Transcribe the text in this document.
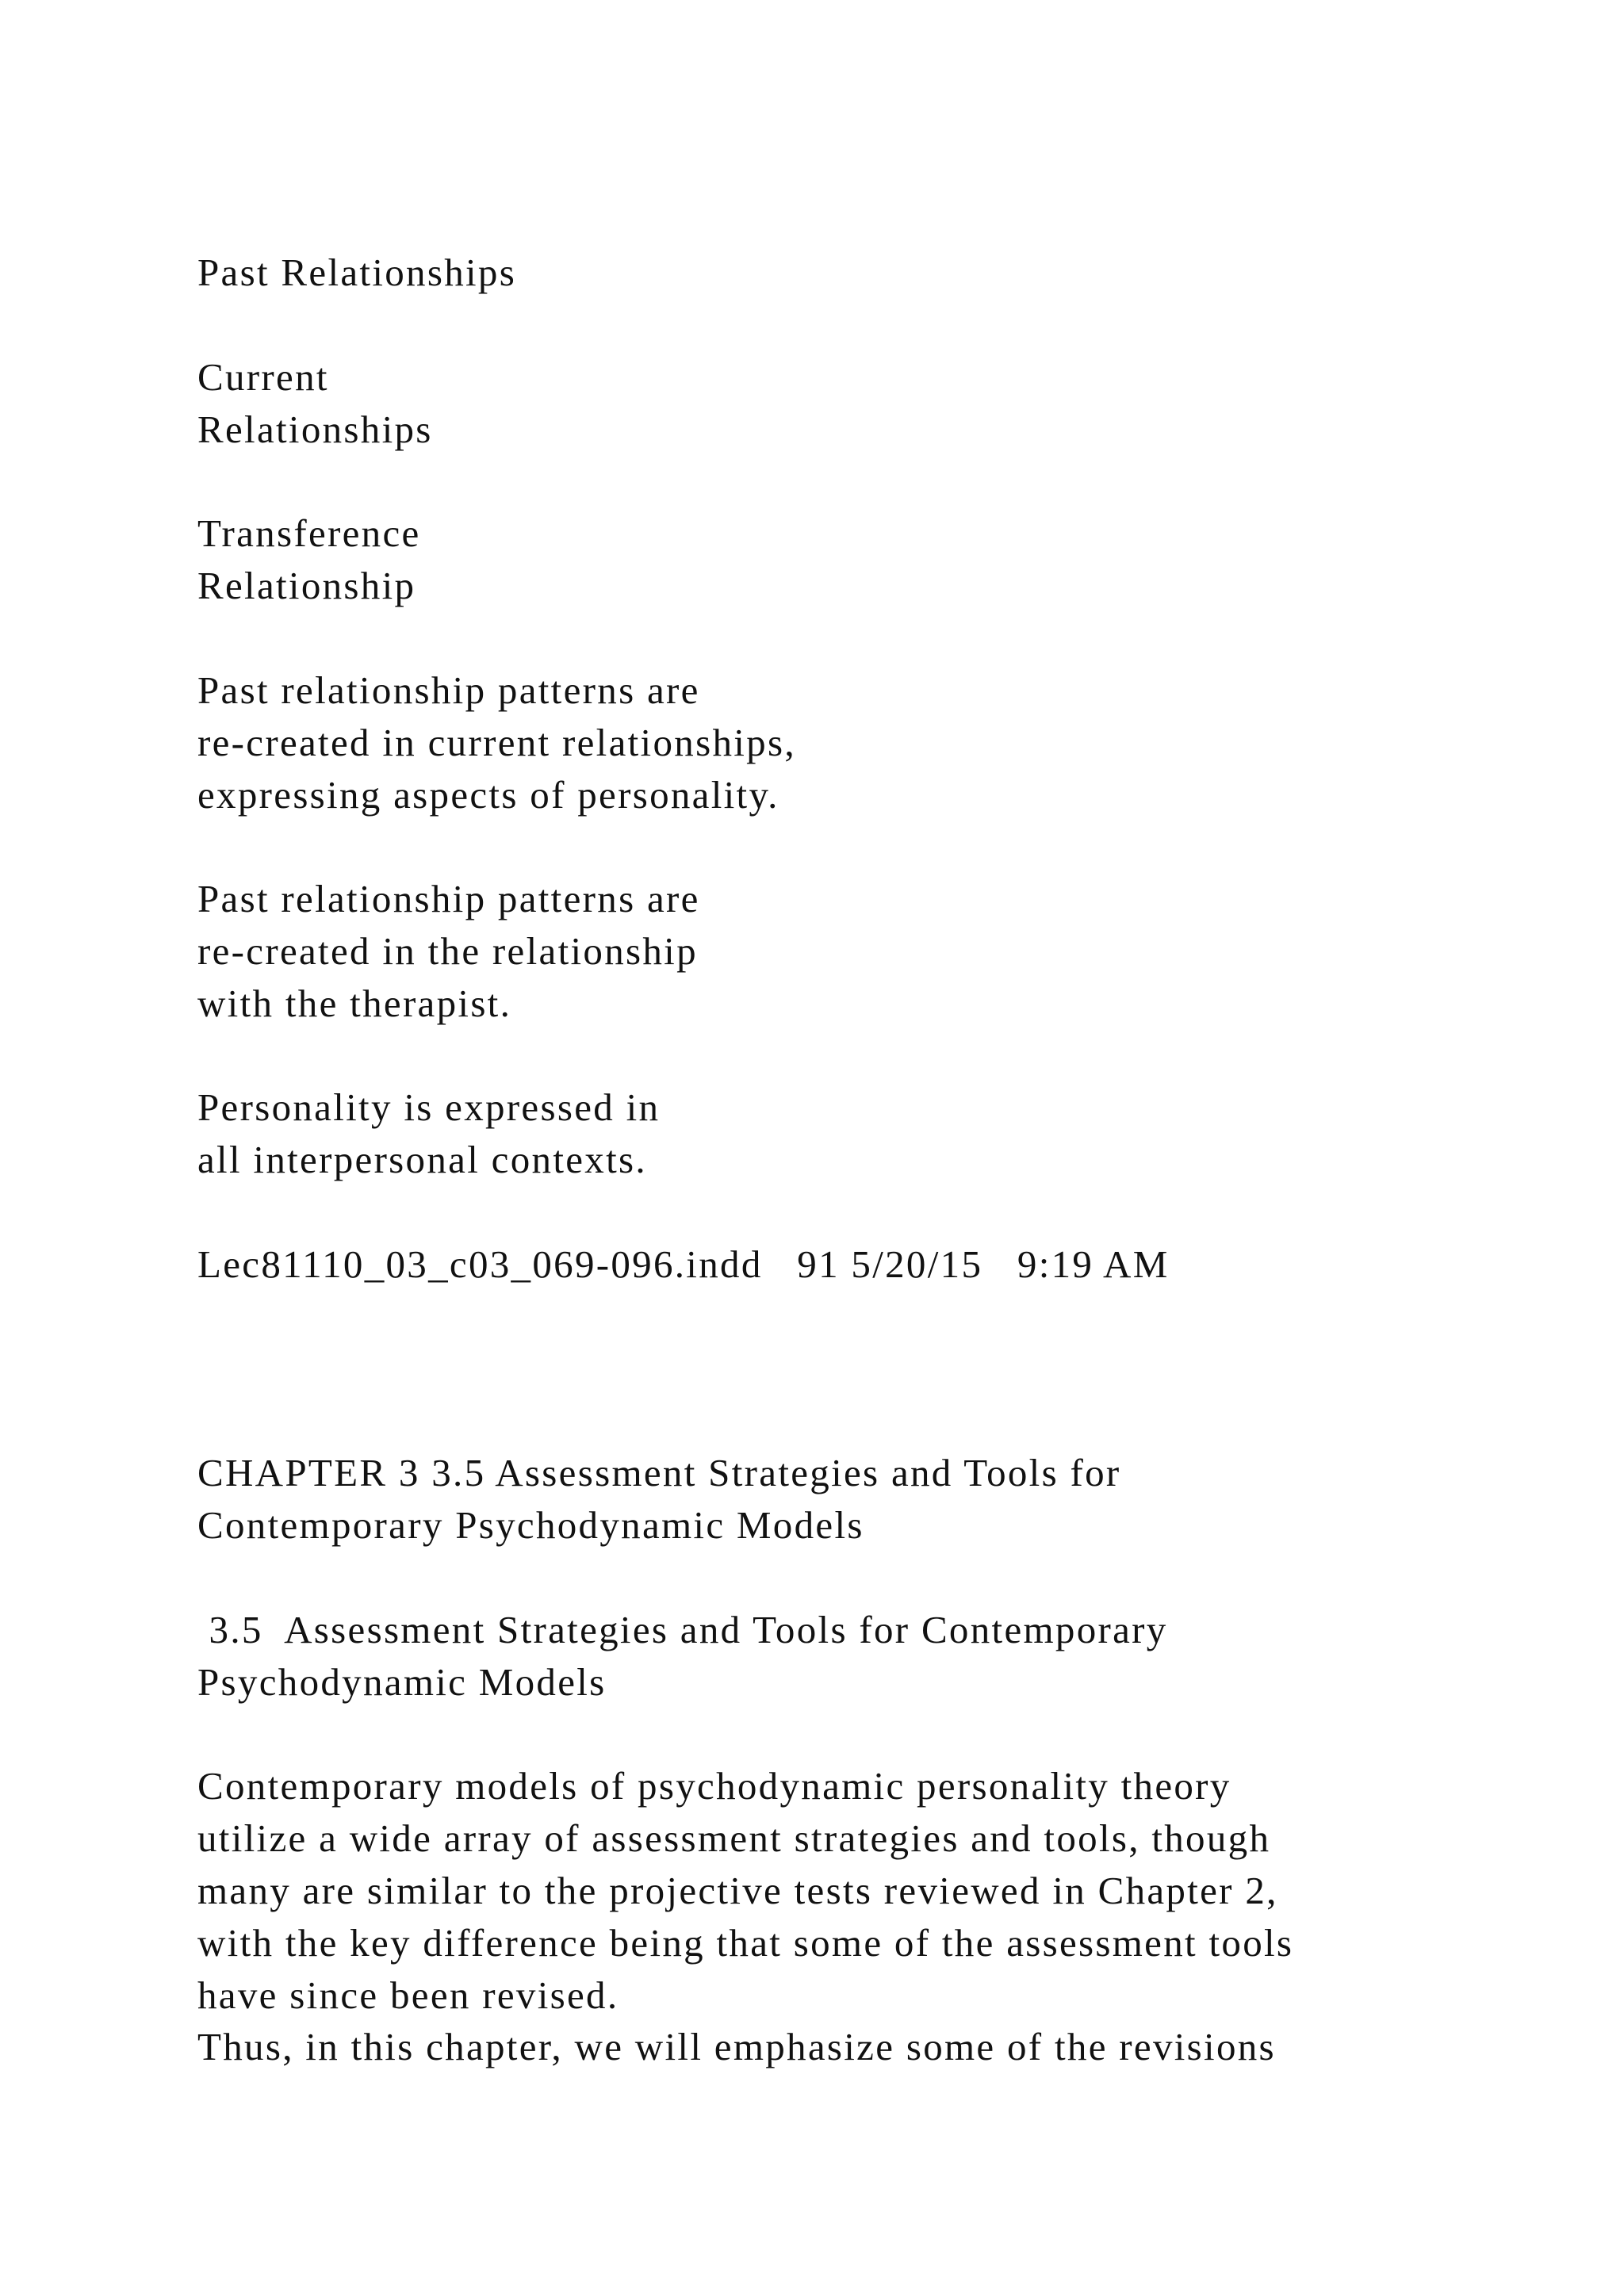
Past Relationships

Current

Relationships

Transference

Relationship

Past relationship patterns are

re-created in current relationships,

expressing aspects of personality.

Past relationship patterns are

re-created in the relationship

with the therapist.

Personality is expressed in

all interpersonal contexts.

Lec81110_03_c03_069-096.indd   91 5/20/15   9:19 AM

CHAPTER 3 3.5 Assessment Strategies and Tools for

Contemporary Psychodynamic Models

3.5  Assessment Strategies and Tools for Contemporary

Psychodynamic Models

Contemporary models of psychodynamic personality theory

utilize a wide array of assessment strategies and tools, though

many are similar to the projective tests reviewed in Chapter 2,

with the key difference being that some of the assessment tools

have since been revised.

Thus, in this chapter, we will emphasize some of the revisions
